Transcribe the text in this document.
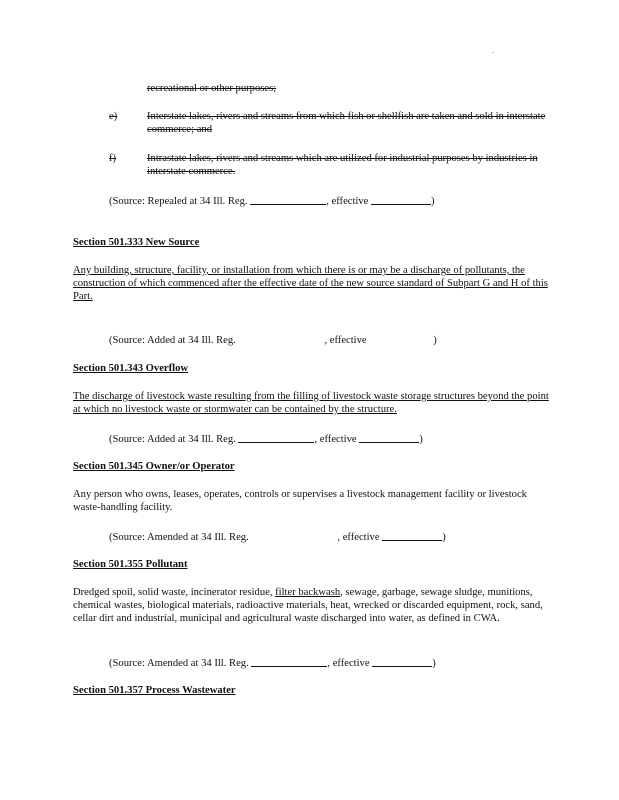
.
recreational or other purposes;
e)	Interstate lakes, rivers and streams from which fish or shellfish are taken and sold in interstate commerce; and
f)	Intrastate lakes, rivers and streams which are utilized for industrial purposes by industries in interstate commerce.
(Source: Repealed at 34 Ill. Reg.	, effective	)
Section 501.333 New Source
Any building, structure, facility, or installation from which there is or may be a discharge of pollutants, the construction of which commenced after the effective date of the new source standard of Subpart G and H of this Part.
(Source: Added at 34 Ill. Reg.	, effective	)
Section 501.343 Overflow
The discharge of livestock waste resulting from the filling of livestock waste storage structures beyond the point at which no livestock waste or stormwater can be contained by the structure.
(Source: Added at 34 Ill. Reg.	, effective	)
Section 501.345 Owner/or Operator
Any person who owns, leases, operates, controls or supervises a livestock management facility or livestock waste-handling facility.
(Source: Amended at 34 Ill. Reg.	, effective	)
Section 501.355 Pollutant
Dredged spoil, solid waste, incinerator residue, filter backwash, sewage, garbage, sewage sludge, munitions, chemical wastes, biological materials, radioactive materials, heat, wrecked or discarded equipment, rock, sand, cellar dirt and industrial, municipal and agricultural waste discharged into water, as defined in CWA.
(Source: Amended at 34 Ill. Reg.	, effective	)
Section 501.357 Process Wastewater
